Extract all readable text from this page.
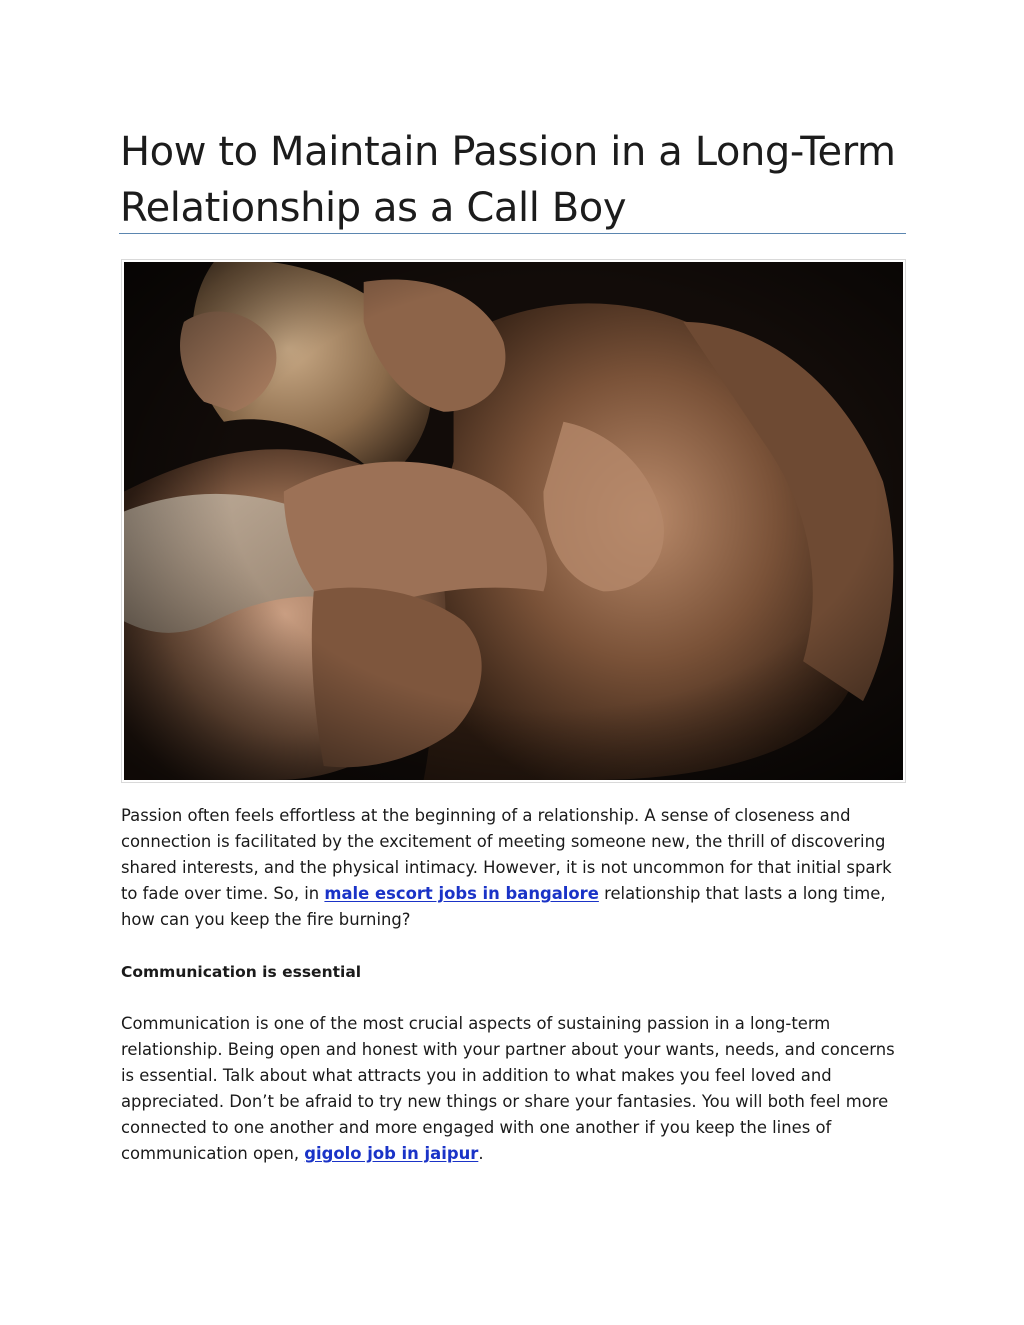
How to Maintain Passion in a Long-Term Relationship as a Call Boy

Passion often feels effortless at the beginning of a relationship. A sense of closeness and connection is facilitated by the excitement of meeting someone new, the thrill of discovering shared interests, and the physical intimacy. However, it is not uncommon for that initial spark to fade over time. So, in male escort jobs in bangalore relationship that lasts a long time, how can you keep the fire burning?

Communication is essential

Communication is one of the most crucial aspects of sustaining passion in a long-term relationship. Being open and honest with your partner about your wants, needs, and concerns is essential. Talk about what attracts you in addition to what makes you feel loved and appreciated. Don’t be afraid to try new things or share your fantasies. You will both feel more connected to one another and more engaged with one another if you keep the lines of communication open, gigolo job in jaipur.
